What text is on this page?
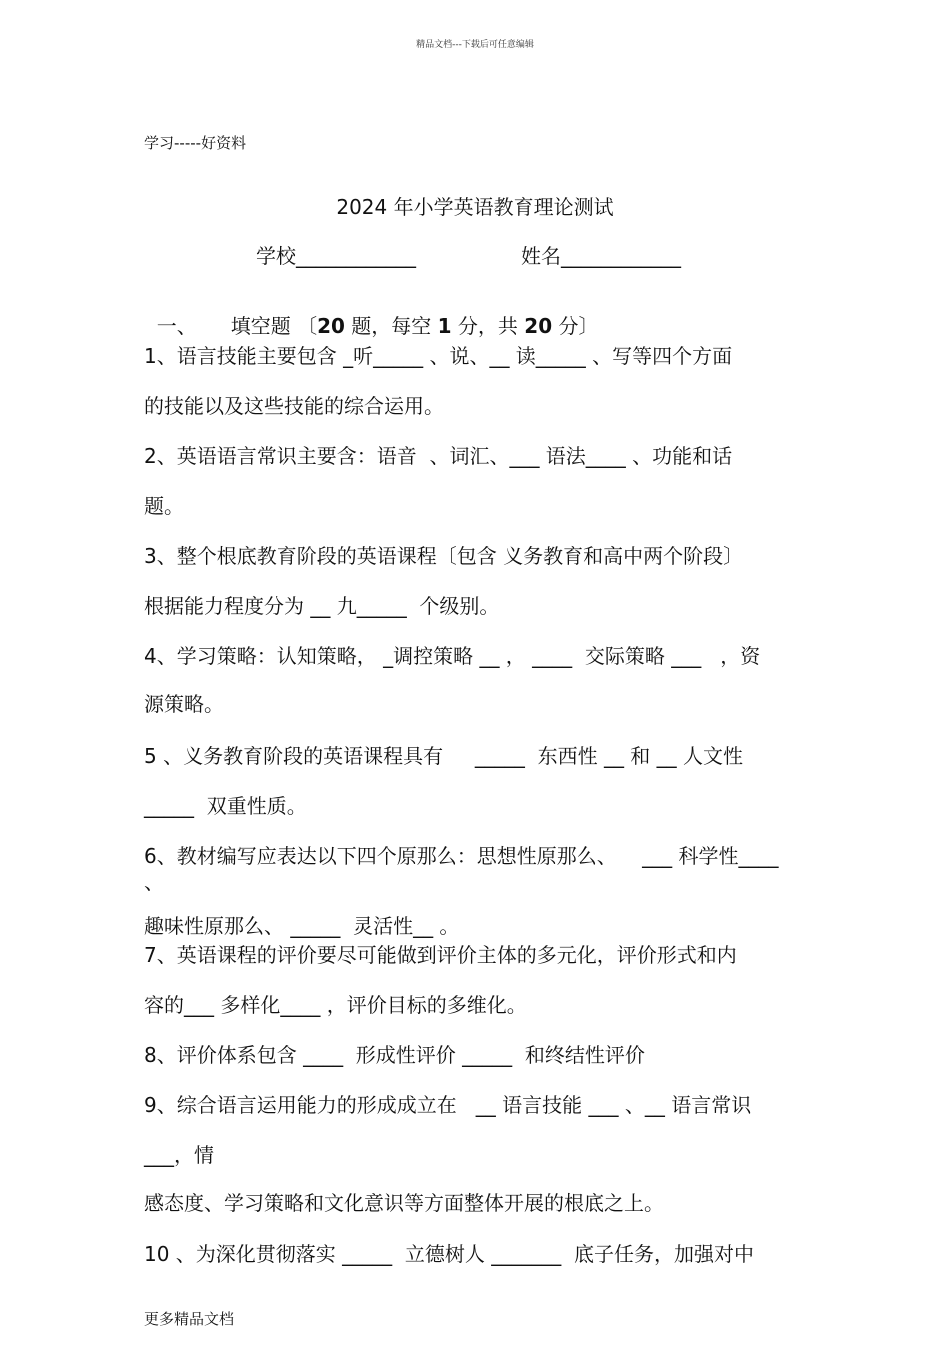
精品文档---下载后可任意编辑
学习-----好资料
2024 年小学英语教育理论测试
学校____________	姓名____________

一、 填空题 〔20 题，每空 1 分，共 20 分〕

1、语言技能主要包含 _听_____ 、说、__ 读_____ 、写等四个方面
的技能以及这些技能的综合运用。
2、英语语言常识主要含：语音  、词汇、___ 语法____ 、功能和话
题。
3、整个根底教育阶段的英语课程〔包含 义务教育和高中两个阶段〕
根据能力程度分为 __ 九_____  个级别。
4、学习策略：认知策略， _调控策略 __ ， ____  交际策略 ___   ，资
源策略。
5 、义务教育阶段的英语课程具有     _____  东西性 __ 和 __ 人文性
_____  双重性质。
6、教材编写应表达以下四个原那么：思想性原那么、    ___ 科学性____
、
趣味性原那么、 _____  灵活性__ 。
7、英语课程的评价要尽可能做到评价主体的多元化，评价形式和内
容的___ 多样化____ ，评价目标的多维化。
8、评价体系包含 ____  形成性评价 _____  和终结性评价
9、综合语言运用能力的形成成立在   __ 语言技能 ___ 、__ 语言常识
___，情
感态度、学习策略和文化意识等方面整体开展的根底之上。
10 、为深化贯彻落实 _____  立德树人 _______  底子任务，加强对中
更多精品文档
